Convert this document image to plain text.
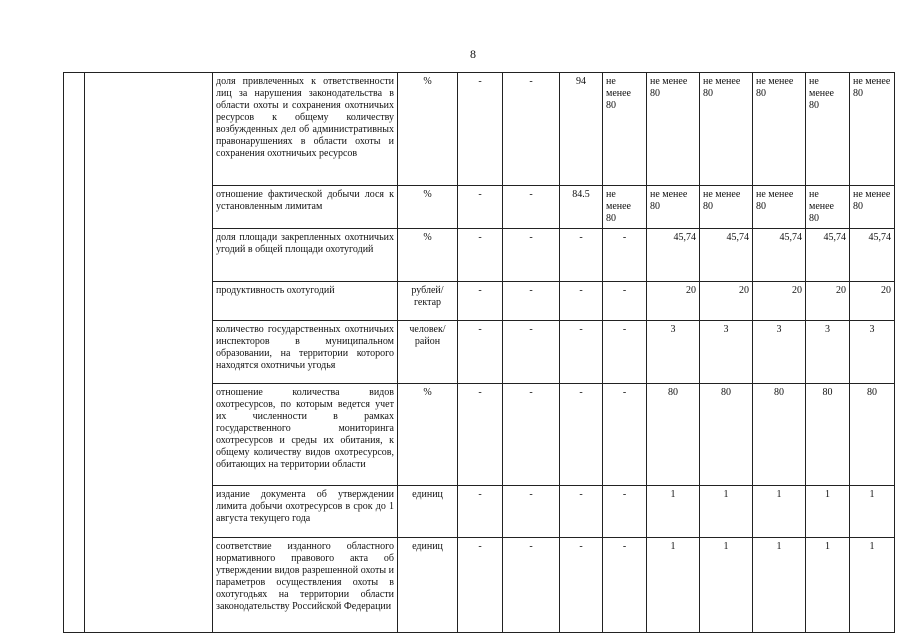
8
		доля привлеченных к ответственности лиц за нарушения законодательства в области охоты и сохранения охотничьих ресурсов к общему количеству возбужденных дел об административных правонарушениях в области охоты и сохранения охотничьих ресурсов	%	-	-	94	не менее 80	не менее 80	не менее 80	не менее 80	не менее 80	не менее 80
		отношение фактической добычи лося к установленным лимитам	%	-	-	84.5	не менее 80	не менее 80	не менее 80	не менее 80	не менее 80	не менее 80
		доля площади закрепленных охотничьих угодий в общей площади охотугодий	%	-	-	-	-	45,74	45,74	45,74	45,74	45,74
		продуктивность охотугодий	рублей/ гектар	-	-	-	-	20	20	20	20	20
		количество государственных охотничьих инспекторов в муниципальном образовании, на территории которого находятся охотничьи угодья	человек/район	-	-	-	-	3	3	3	3	3
		отношение количества видов охотресурсов, по которым ведется учет их численности в рамках государственного мониторинга охотресурсов и среды их обитания, к общему количеству видов охотресурсов, обитающих на территории области	%	-	-	-	-	80	80	80	80	80
		издание документа об утверждении лимита добычи охотресурсов в срок до 1 августа текущего года	единиц	-	-	-	-	1	1	1	1	1
		соответствие изданного областного нормативного правового акта об утверждении видов разрешенной охоты и параметров осуществления охоты в охотугодьях на территории области законодательству Российской Федерации	единиц	-	-	-	-	1	1	1	1	1
